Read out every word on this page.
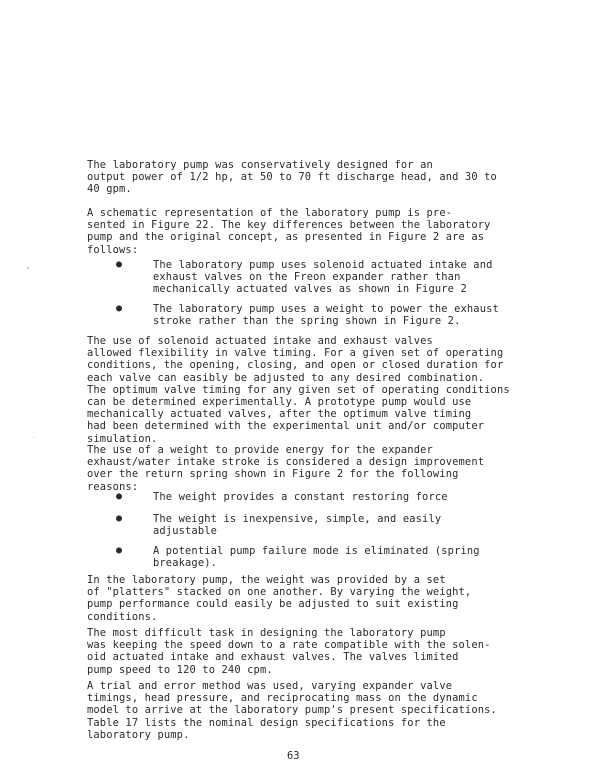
The laboratory pump was conservatively designed for an
output power of 1/2 hp, at 50 to 70 ft discharge head, and 30 to
40 gpm.

A schematic representation of the laboratory pump is pre-
sented in Figure 22. The key differences between the laboratory
pump and the original concept, as presented in Figure 2 are as
follows:

●	The laboratory pump uses solenoid actuated intake and
exhaust valves on the Freon expander rather than
mechanically actuated valves as shown in Figure 2
●	The laboratory pump uses a weight to power the exhaust
stroke rather than the spring shown in Figure 2.

The use of solenoid actuated intake and exhaust valves
allowed flexibility in valve timing. For a given set of operating
conditions, the opening, closing, and open or closed duration for
each valve can easibly be adjusted to any desired combination.
The optimum valve timing for any given set of operating conditions
can be determined experimentally. A prototype pump would use
mechanically actuated valves, after the optimum valve timing
had been determined with the experimental unit and/or computer
simulation.

The use of a weight to provide energy for the expander
exhaust/water intake stroke is considered a design improvement
over the return spring shown in Figure 2 for the following
reasons:

●	The weight provides a constant restoring force
●	The weight is inexpensive, simple, and easily
adjustable
●	A potential pump failure mode is eliminated (spring
breakage).

In the laboratory pump, the weight was provided by a set
of "platters" stacked on one another. By varying the weight,
pump performance could easily be adjusted to suit existing
conditions.

The most difficult task in designing the laboratory pump
was keeping the speed down to a rate compatible with the solen-
oid actuated intake and exhaust valves. The valves limited
pump speed to 120 to 240 cpm.

A trial and error method was used, varying expander valve
timings, head pressure, and reciprocating mass on the dynamic
model to arrive at the laboratory pump's present specifications.
Table 17 lists the nominal design specifications for the
laboratory pump.

63
